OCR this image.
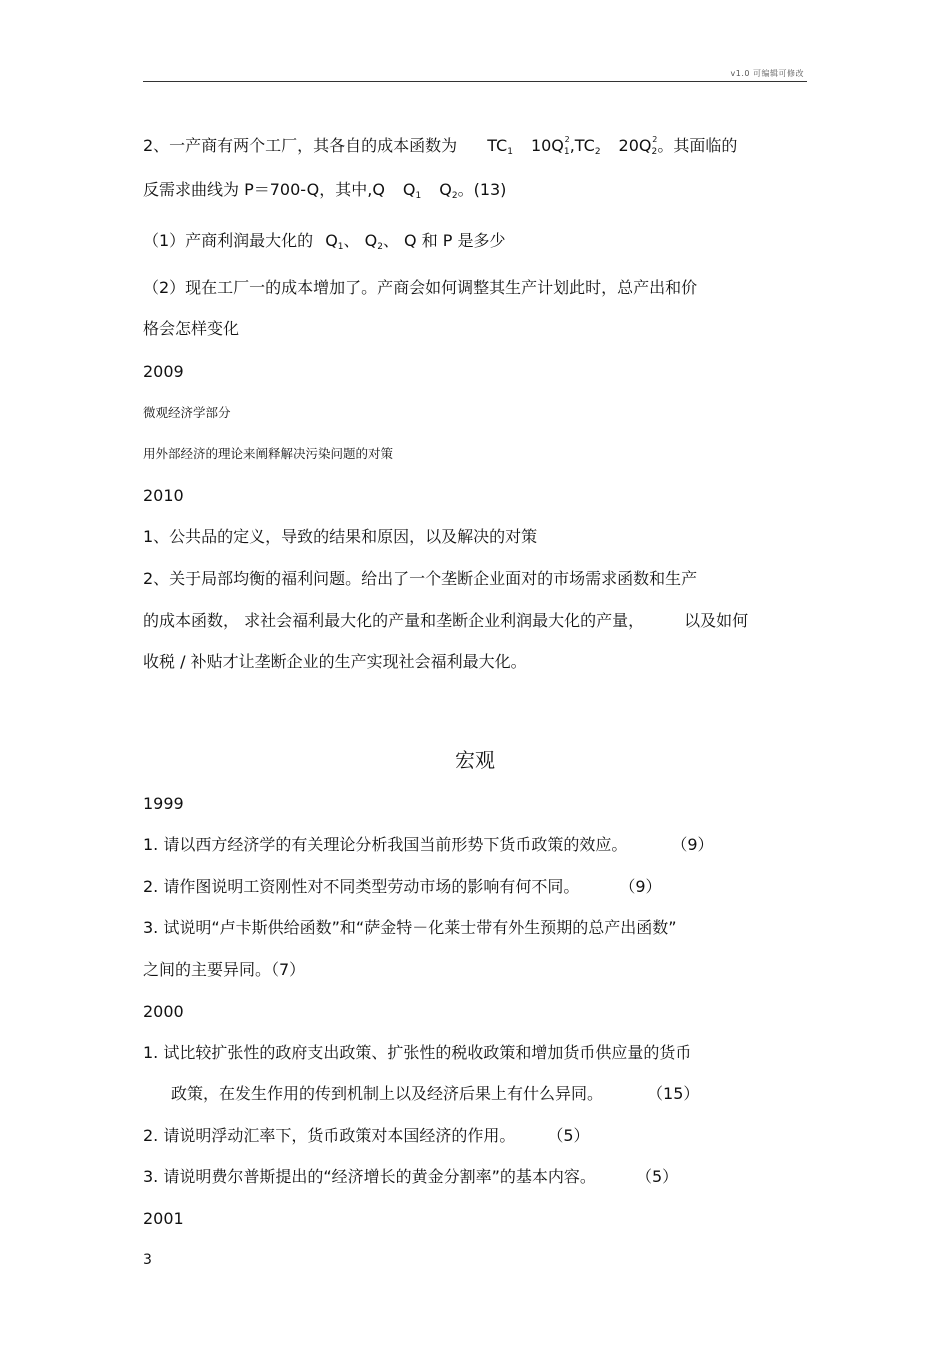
v1.0 可编辑可修改
2、一产商有两个工厂，其各自的成本函数为 $TC_1$ $10Q_1^2,TC_2$ $20Q_2^2$。其面临的
反需求曲线为 P＝700-Q，其中,Q $Q_1$ $Q_2$。(13)
（1）产商利润最大化的 $Q_1$、 $Q_2$、 Q 和 P 是多少
（2）现在工厂一的成本增加了。产商会如何调整其生产计划此时，总产出和价
格会怎样变化
2009
微观经济学部分
用外部经济的理论来阐释解决污染问题的对策
2010
1、公共品的定义，导致的结果和原因，以及解决的对策
2、关于局部均衡的福利问题。给出了一个垄断企业面对的市场需求函数和生产
的成本函数， 求社会福利最大化的产量和垄断企业利润最大化的产量，	以及如何
收税 / 补贴才让垄断企业的生产实现社会福利最大化。
宏观
1999
1. 请以西方经济学的有关理论分析我国当前形势下货币政策的效应。	（9）
2. 请作图说明工资刚性对不同类型劳动市场的影响有何不同。	（9）
3. 试说明“卢卡斯供给函数”和“萨金特－化莱士带有外生预期的总产出函数”
之间的主要异同。（7）
2000
1. 试比较扩张性的政府支出政策、扩张性的税收政策和增加货币供应量的货币
政策，在发生作用的传到机制上以及经济后果上有什么异同。	（15）
2. 请说明浮动汇率下，货币政策对本国经济的作用。 （5）
3. 请说明费尔普斯提出的“经济增长的黄金分割率”的基本内容。	（5）
2001
3
